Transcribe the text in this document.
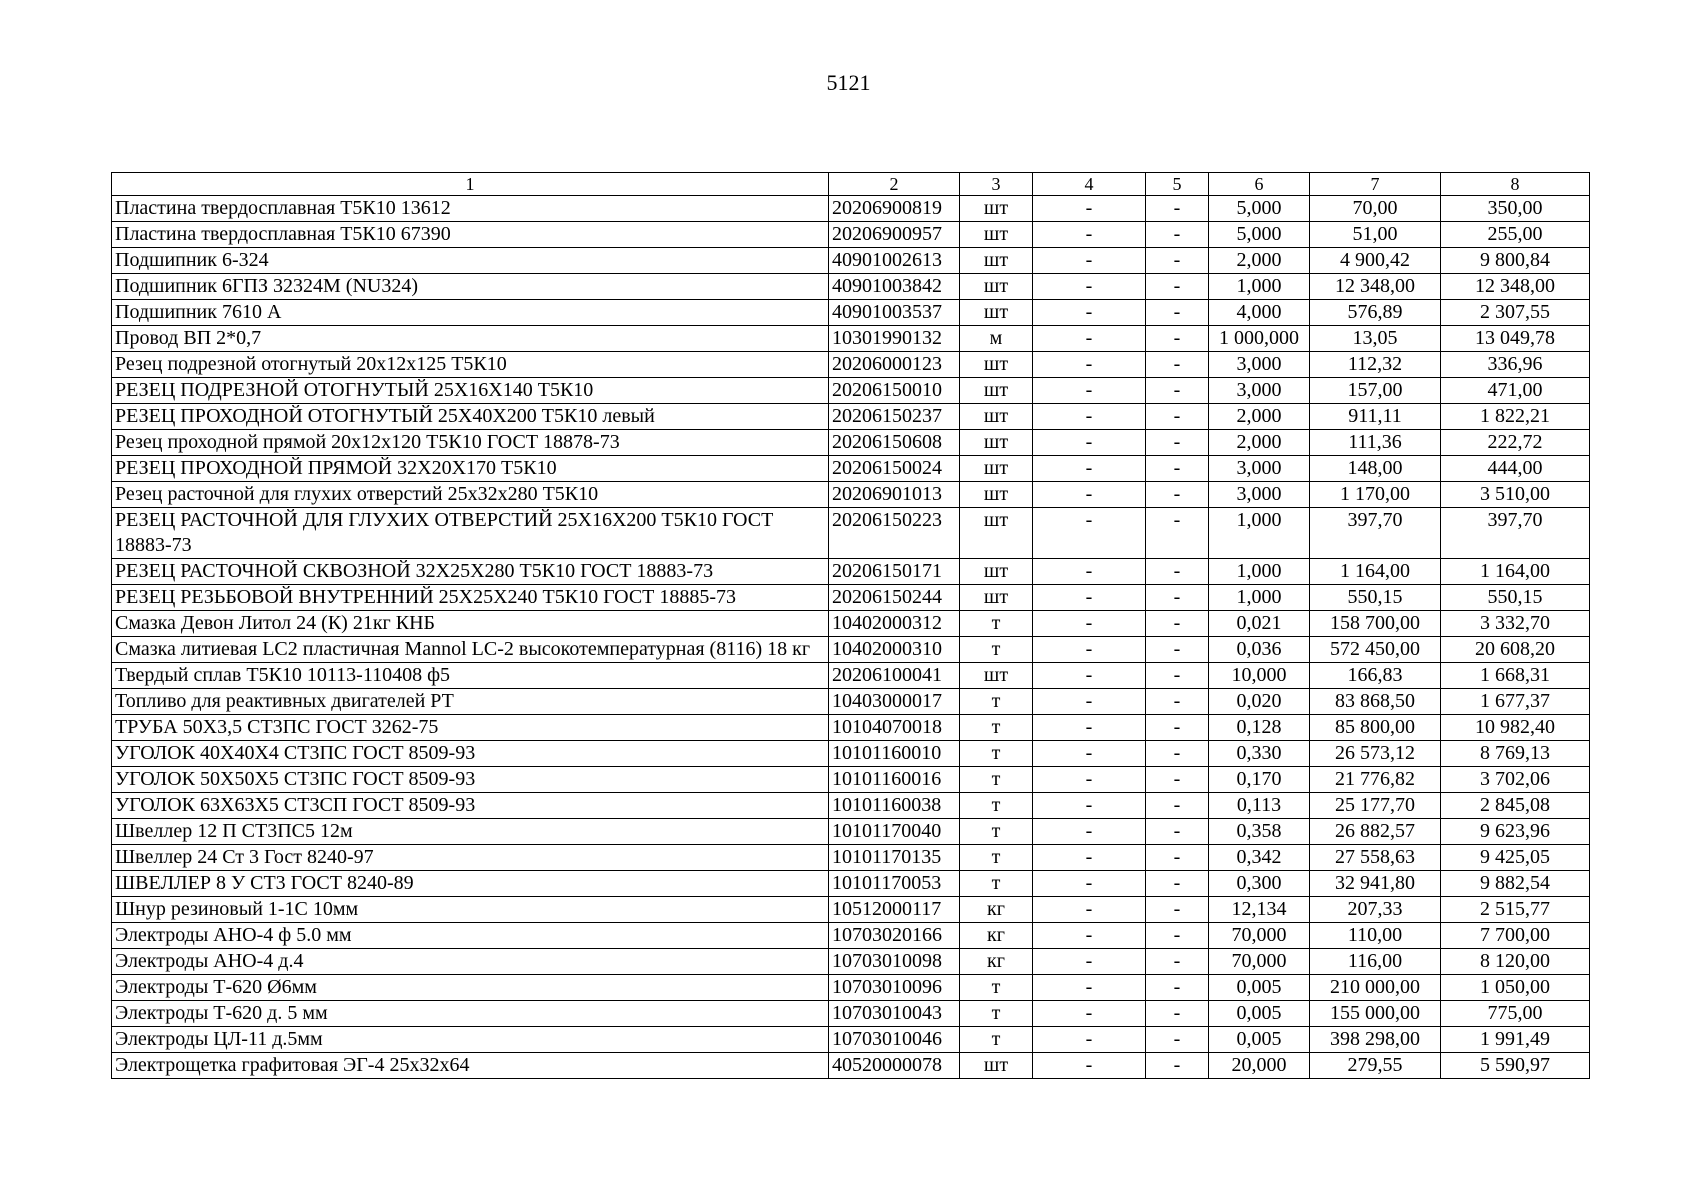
5121
1	2	3	4	5	6	7	8
Пластина твердосплавная Т5К10 13612	20206900819	шт	-	-	5,000	70,00	350,00
Пластина твердосплавная Т5К10 67390	20206900957	шт	-	-	5,000	51,00	255,00
Подшипник 6-324	40901002613	шт	-	-	2,000	4 900,42	9 800,84
Подшипник 6ГПЗ 32324М (NU324)	40901003842	шт	-	-	1,000	12 348,00	12 348,00
Подшипник 7610 А	40901003537	шт	-	-	4,000	576,89	2 307,55
Провод ВП 2*0,7	10301990132	м	-	-	1 000,000	13,05	13 049,78
Резец подрезной отогнутый 20х12х125 Т5К10	20206000123	шт	-	-	3,000	112,32	336,96
РЕЗЕЦ ПОДРЕЗНОЙ ОТОГНУТЫЙ 25Х16Х140 Т5К10	20206150010	шт	-	-	3,000	157,00	471,00
РЕЗЕЦ ПРОХОДНОЙ ОТОГНУТЫЙ 25Х40Х200 Т5К10 левый	20206150237	шт	-	-	2,000	911,11	1 822,21
Резец проходной прямой 20х12х120 Т5К10 ГОСТ 18878-73	20206150608	шт	-	-	2,000	111,36	222,72
РЕЗЕЦ ПРОХОДНОЙ ПРЯМОЙ 32Х20Х170 Т5К10	20206150024	шт	-	-	3,000	148,00	444,00
Резец расточной для глухих отверстий 25х32х280 Т5К10	20206901013	шт	-	-	3,000	1 170,00	3 510,00
РЕЗЕЦ РАСТОЧНОЙ ДЛЯ ГЛУХИХ ОТВЕРСТИЙ 25Х16Х200 Т5К10 ГОСТ 18883-73	20206150223	шт	-	-	1,000	397,70	397,70
РЕЗЕЦ РАСТОЧНОЙ СКВОЗНОЙ 32Х25Х280 Т5К10 ГОСТ 18883-73	20206150171	шт	-	-	1,000	1 164,00	1 164,00
РЕЗЕЦ РЕЗЬБОВОЙ ВНУТРЕННИЙ 25Х25Х240 Т5К10 ГОСТ 18885-73	20206150244	шт	-	-	1,000	550,15	550,15
Смазка Девон Литол 24 (К) 21кг КНБ	10402000312	т	-	-	0,021	158 700,00	3 332,70
Смазка литиевая LC2 пластичная Mannol LC-2 высокотемпературная (8116) 18 кг	10402000310	т	-	-	0,036	572 450,00	20 608,20
Твердый сплав Т5К10 10113-110408 ф5	20206100041	шт	-	-	10,000	166,83	1 668,31
Топливо для реактивных двигателей РТ	10403000017	т	-	-	0,020	83 868,50	1 677,37
ТРУБА 50Х3,5 СТ3ПС ГОСТ 3262-75	10104070018	т	-	-	0,128	85 800,00	10 982,40
УГОЛОК 40Х40Х4 СТ3ПС ГОСТ 8509-93	10101160010	т	-	-	0,330	26 573,12	8 769,13
УГОЛОК 50Х50Х5 СТ3ПС ГОСТ 8509-93	10101160016	т	-	-	0,170	21 776,82	3 702,06
УГОЛОК 63Х63Х5 СТ3СП ГОСТ 8509-93	10101160038	т	-	-	0,113	25 177,70	2 845,08
Швеллер 12 П СТ3ПС5 12м	10101170040	т	-	-	0,358	26 882,57	9 623,96
Швеллер 24 Ст 3 Гост 8240-97	10101170135	т	-	-	0,342	27 558,63	9 425,05
ШВЕЛЛЕР 8 У СТ3 ГОСТ 8240-89	10101170053	т	-	-	0,300	32 941,80	9 882,54
Шнур резиновый 1-1С 10мм	10512000117	кг	-	-	12,134	207,33	2 515,77
Электроды АНО-4 ф 5.0 мм	10703020166	кг	-	-	70,000	110,00	7 700,00
Электроды АНО-4 д.4	10703010098	кг	-	-	70,000	116,00	8 120,00
Электроды Т-620 Ø6мм	10703010096	т	-	-	0,005	210 000,00	1 050,00
Электроды Т-620 д. 5 мм	10703010043	т	-	-	0,005	155 000,00	775,00
Электроды ЦЛ-11 д.5мм	10703010046	т	-	-	0,005	398 298,00	1 991,49
Электрощетка графитовая ЭГ-4 25х32х64	40520000078	шт	-	-	20,000	279,55	5 590,97
